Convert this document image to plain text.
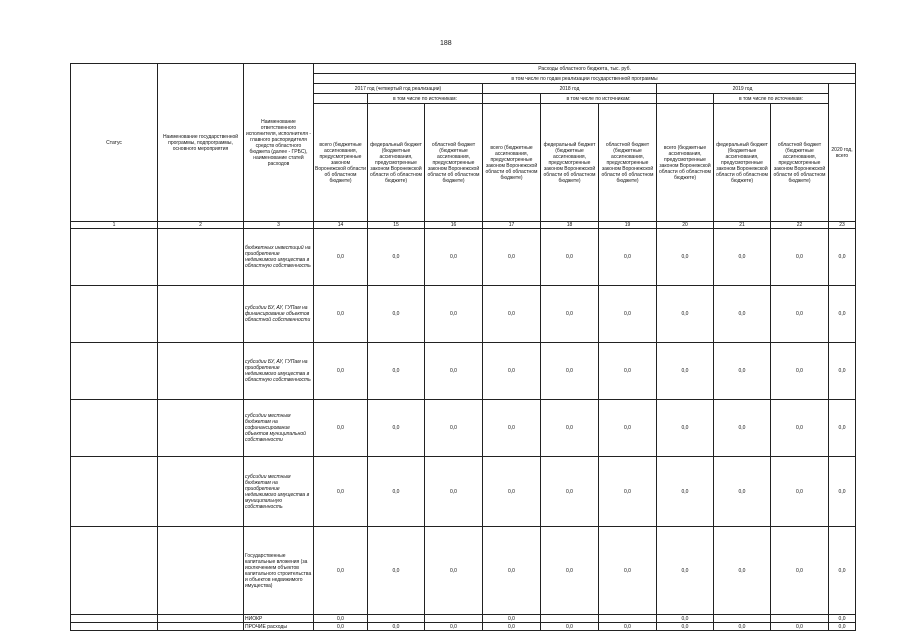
188
Статус	Наименование государственной программы, подпрограммы, основного мероприятия	Наименование ответственного исполнителя, исполнителя - главного распорядителя средств областного бюджета (далее - ГРБС), наименование статей расходов	Расходы областного бюджета, тыс. руб.									
			в том числе по годам реализации государственной программы									
			2017 год (четвертый год реализации)			2018 год			2019 год			2020 год, всего
				в том числе по источникам:			в том числе по источникам:			в том числе по источникам:		
			всего (бюджетные ассигнования, предусмотренные законом Воронежской области об областном бюджете)	федеральный бюджет (бюджетные ассигнования, предусмотренные законом Воронежской области об областном бюджете)	областной бюджет (бюджетные ассигнования, предусмотренные законом Воронежской области об областном бюджете)	всего (бюджетные ассигнования, предусмотренные законом Воронежской области об областном бюджете)	федеральный бюджет (бюджетные ассигнования, предусмотренные законом Воронежской области об областном бюджете)	областной бюджет (бюджетные ассигнования, предусмотренные законом Воронежской области об областном бюджете)	всего (бюджетные ассигнования, предусмотренные законом Воронежской области об областном бюджете)	федеральный бюджет (бюджетные ассигнования, предусмотренные законом Воронежской области об областном бюджете)	областной бюджет (бюджетные ассигнования, предусмотренные законом Воронежской области об областном бюджете)	
1	2	3	14	15	16	17	18	19	20	21	22	23
		бюджетных инвестиций на приобретение недвижимого имущества в областную собственность	0,0	0,0	0,0	0,0	0,0	0,0	0,0	0,0	0,0	0,0
		субсидии БУ, АУ, ГУПам на финансирование объектов областной собственности	0,0	0,0	0,0	0,0	0,0	0,0	0,0	0,0	0,0	0,0
		субсидии БУ, АУ, ГУПам на приобретение недвижимого имущества в областную собственность	0,0	0,0	0,0	0,0	0,0	0,0	0,0	0,0	0,0	0,0
		субсидии местным бюджетам на софинансирование объектов муниципальной собственности	0,0	0,0	0,0	0,0	0,0	0,0	0,0	0,0	0,0	0,0
		субсидии местным бюджетам на приобретение недвижимого имущества в муниципальную собственность	0,0	0,0	0,0	0,0	0,0	0,0	0,0	0,0	0,0	0,0
		Государственные капитальные вложения (за исключением объектов капитального строительства и объектов недвижимого имущества)	0,0	0,0	0,0	0,0	0,0	0,0	0,0	0,0	0,0	0,0
		НИОКР	0,0			0,0			0,0			0,0
		ПРОЧИЕ расходы	0,0	0,0	0,0	0,0	0,0	0,0	0,0	0,0	0,0	0,0
